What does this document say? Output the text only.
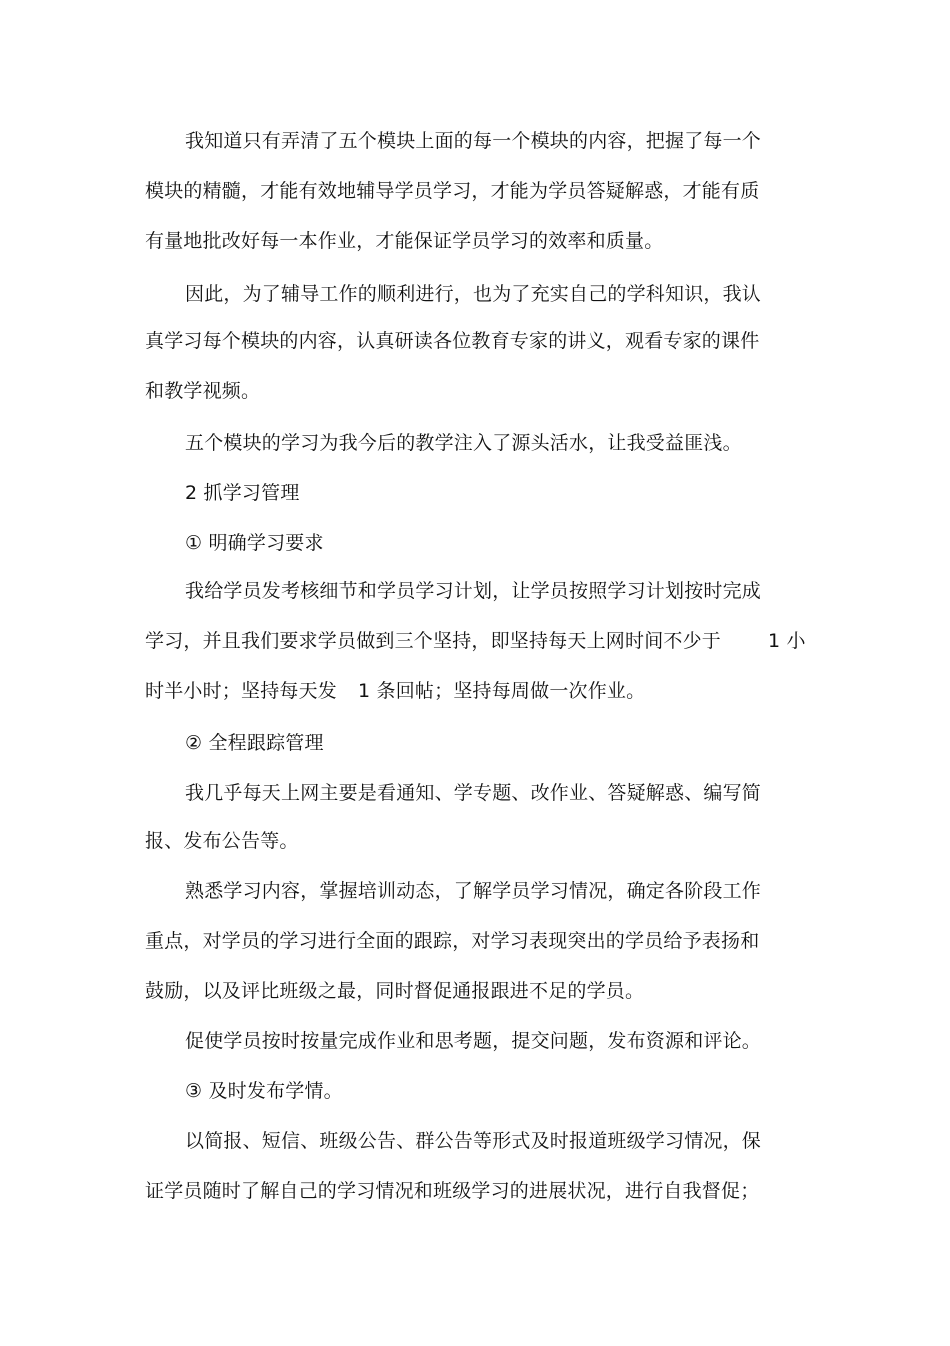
我知道只有弄清了五个模块上面的每一个模块的内容，把握了每一个
模块的精髓，才能有效地辅导学员学习，才能为学员答疑解惑，才能有质
有量地批改好每一本作业，才能保证学员学习的效率和质量。
因此，为了辅导工作的顺利进行，也为了充实自己的学科知识，我认
真学习每个模块的内容，认真研读各位教育专家的讲义，观看专家的课件
和教学视频。
五个模块的学习为我今后的教学注入了源头活水，让我受益匪浅。
2 抓学习管理
① 明确学习要求
我给学员发考核细节和学员学习计划，让学员按照学习计划按时完成
学习，并且我们要求学员做到三个坚持，即坚持每天上网时间不少于 1 小
时半小时；坚持每天发 1 条回帖；坚持每周做一次作业。
② 全程跟踪管理
我几乎每天上网主要是看通知、学专题、改作业、答疑解惑、编写简
报、发布公告等。
熟悉学习内容，掌握培训动态，了解学员学习情况，确定各阶段工作
重点，对学员的学习进行全面的跟踪，对学习表现突出的学员给予表扬和
鼓励，以及评比班级之最，同时督促通报跟进不足的学员。
促使学员按时按量完成作业和思考题，提交问题，发布资源和评论。
③ 及时发布学情。
以简报、短信、班级公告、群公告等形式及时报道班级学习情况，保
证学员随时了解自己的学习情况和班级学习的进展状况，进行自我督促；
